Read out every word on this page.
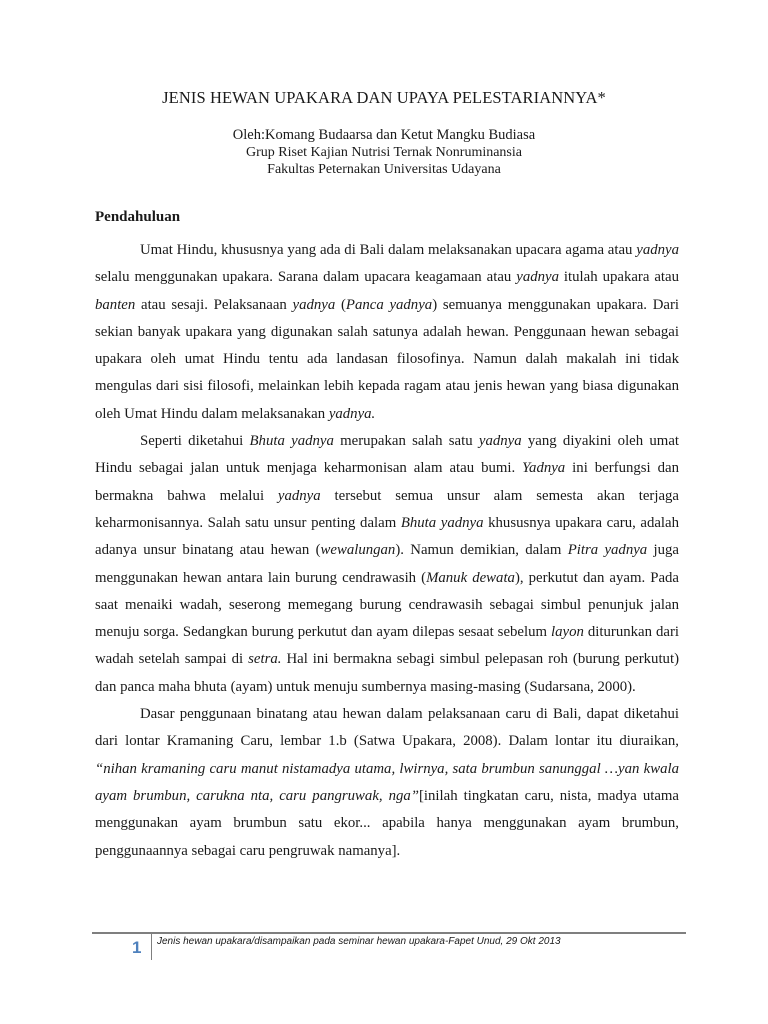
JENIS HEWAN UPAKARA DAN UPAYA PELESTARIANNYA*
Oleh:Komang Budaarsa dan Ketut Mangku Budiasa
Grup Riset Kajian Nutrisi Ternak Nonruminansia
Fakultas Peternakan Universitas Udayana
Pendahuluan

Umat Hindu, khususnya yang ada di Bali dalam melaksanakan upacara agama atau yadnya selalu menggunakan upakara. Sarana dalam upacara keagamaan atau yadnya itulah upakara atau banten atau sesaji. Pelaksanaan yadnya (Panca yadnya) semuanya menggunakan upakara. Dari sekian banyak upakara yang digunakan salah satunya adalah hewan. Penggunaan hewan sebagai upakara oleh umat Hindu tentu ada landasan filosofinya. Namun dalah makalah ini tidak mengulas dari sisi filosofi, melainkan lebih kepada ragam atau jenis hewan yang biasa digunakan oleh Umat Hindu dalam melaksanakan yadnya.

Seperti diketahui Bhuta yadnya merupakan salah satu yadnya yang diyakini oleh umat Hindu sebagai jalan untuk menjaga keharmonisan alam atau bumi. Yadnya ini berfungsi dan bermakna bahwa melalui yadnya tersebut semua unsur alam semesta akan terjaga keharmonisannya. Salah satu unsur penting dalam Bhuta yadnya khususnya upakara caru, adalah adanya unsur binatang atau hewan (wewalungan). Namun demikian, dalam Pitra yadnya juga menggunakan hewan antara lain burung cendrawasih (Manuk dewata), perkutut dan ayam. Pada saat menaiki wadah, seserong memegang burung cendrawasih sebagai simbul penunjuk jalan menuju sorga. Sedangkan burung perkutut dan ayam dilepas sesaat sebelum layon diturunkan dari wadah setelah sampai di setra. Hal ini bermakna sebagi simbul pelepasan roh (burung perkutut) dan panca maha bhuta (ayam) untuk menuju sumbernya masing-masing (Sudarsana, 2000).

Dasar penggunaan binatang atau hewan dalam pelaksanaan caru di Bali, dapat diketahui dari lontar Kramaning Caru, lembar 1.b (Satwa Upakara, 2008). Dalam lontar itu diuraikan, “nihan kramaning caru manut nistamadya utama, lwirnya, sata brumbun sanunggal …yan kwala ayam brumbun, carukna nta, caru pangruwak, nga”[inilah tingkatan caru, nista, madya utama menggunakan ayam brumbun satu ekor... apabila hanya menggunakan ayam brumbun, penggunaannya sebagai caru pengruwak namanya].

1 Jenis hewan upakara/disampaikan pada seminar hewan upakara-Fapet Unud, 29 Okt 2013
